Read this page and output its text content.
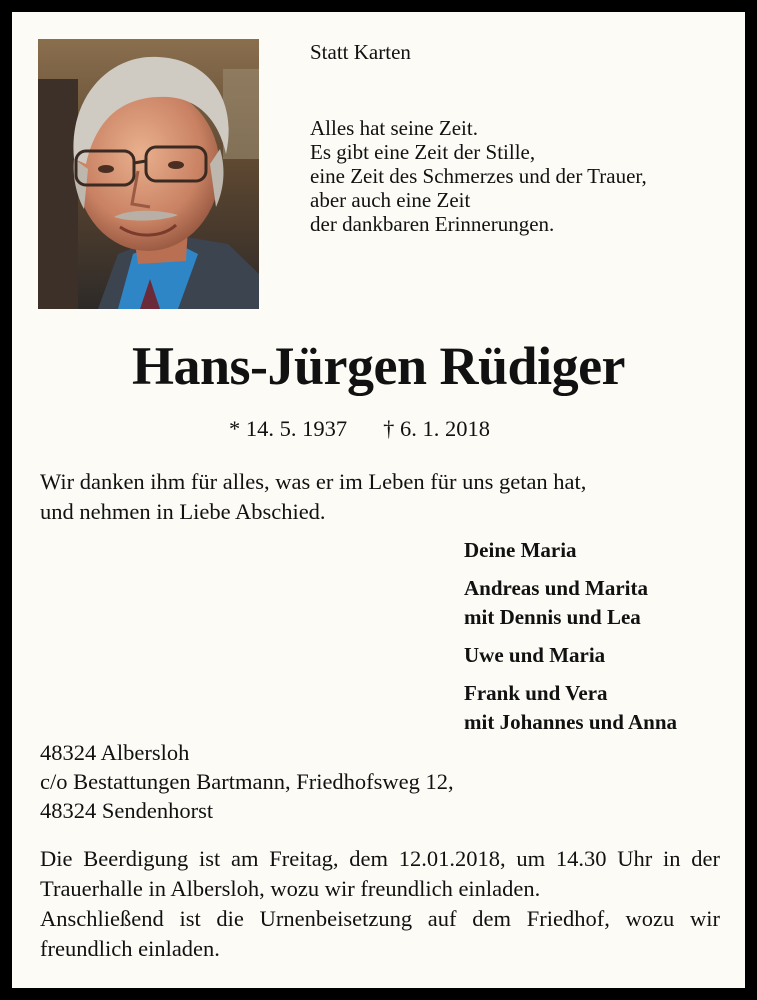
Statt Karten

Alles hat seine Zeit.
Es gibt eine Zeit der Stille,
eine Zeit des Schmerzes und der Trauer,
aber auch eine Zeit
der dankbaren Erinnerungen.

Hans-Jürgen Rüdiger

* 14. 5. 1937 † 6. 1. 2018

Wir danken ihm für alles, was er im Leben für uns getan hat,
und nehmen in Liebe Abschied.

Deine Maria
Andreas und Marita
mit Dennis und Lea
Uwe und Maria
Frank und Vera
mit Johannes und Anna

48324 Albersloh
c/o Bestattungen Bartmann, Friedhofsweg 12,
48324 Sendenhorst

Die Beerdigung ist am Freitag, dem 12.01.2018, um 14.30 Uhr in der Trauerhalle in Albersloh, wozu wir freundlich einladen.

Anschließend ist die Urnenbeisetzung auf dem Friedhof, wozu wir freundlich einladen.
